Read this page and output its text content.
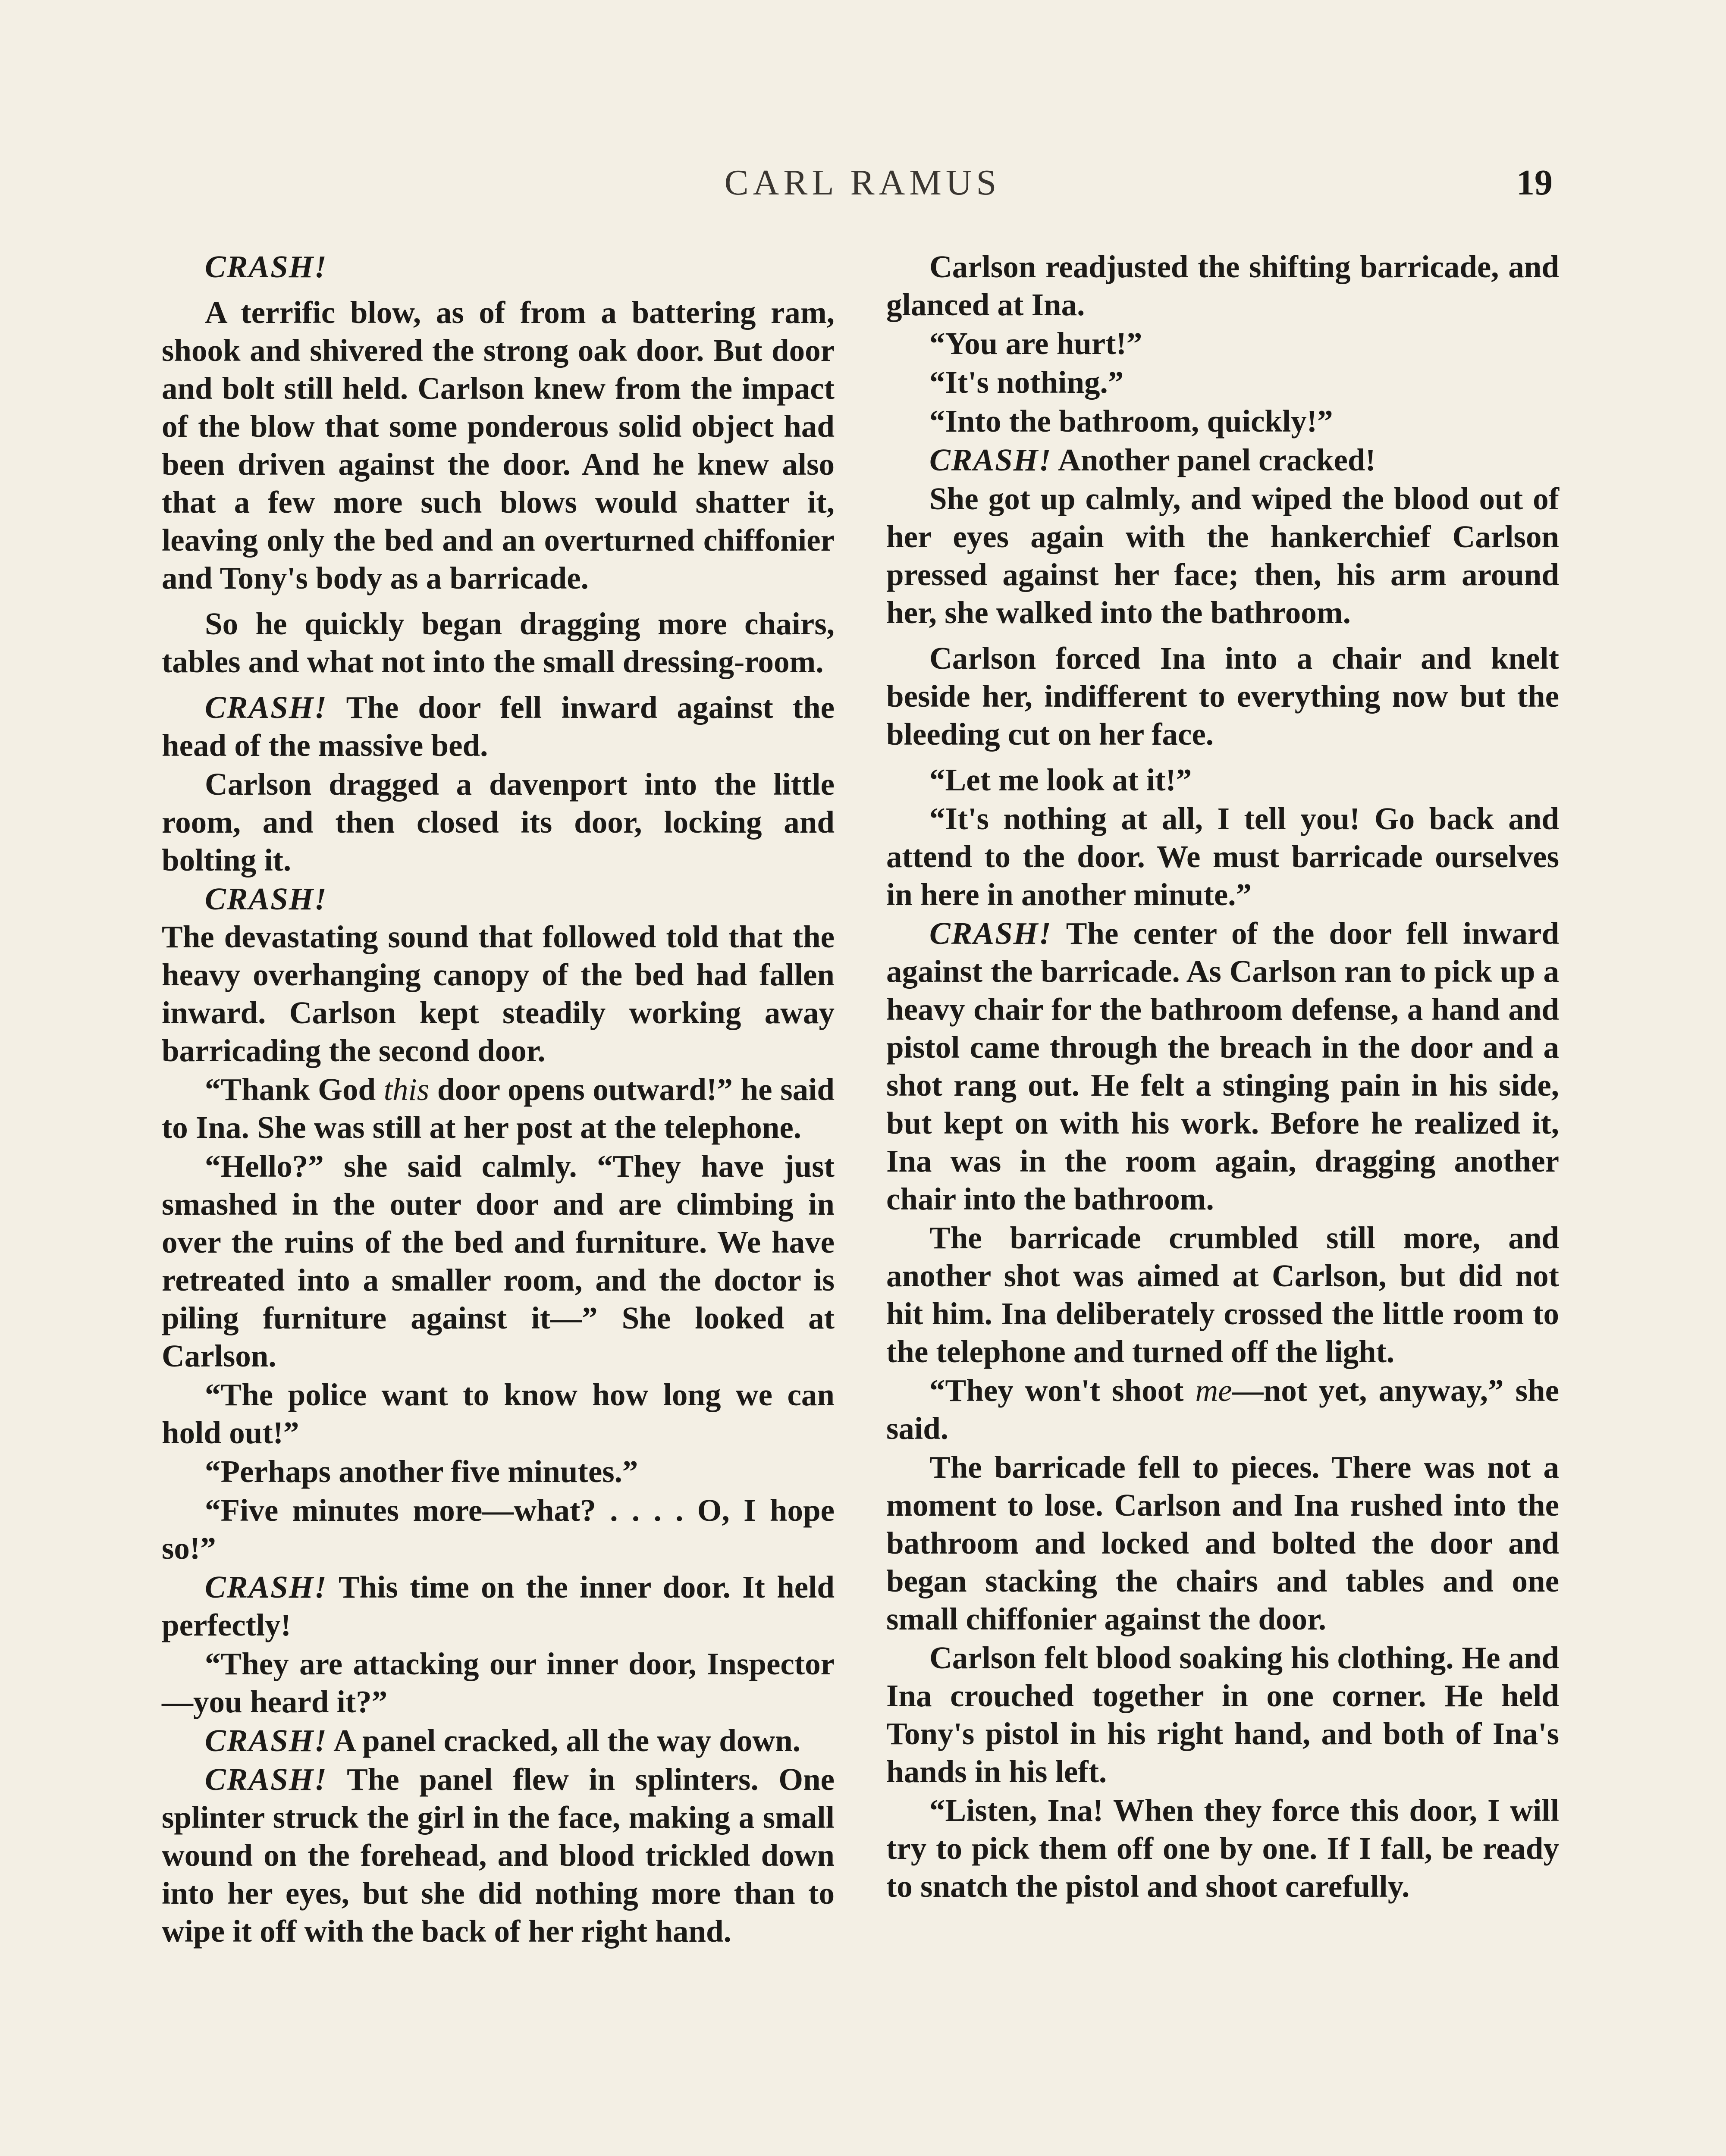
CARL RAMUS	19

CRASH!

A terrific blow, as of from a battering ram, shook and shivered the strong oak door. But door and bolt still held. Carlson knew from the impact of the blow that some ponderous solid object had been driven against the door. And he knew also that a few more such blows would shatter it, leaving only the bed and an overturned chiffonier and Tony's body as a barricade.

So he quickly began dragging more chairs, tables and what not into the small dressing-room.

CRASH! The door fell inward against the head of the massive bed.

Carlson dragged a davenport into the little room, and then closed its door, locking and bolting it.

CRASH!

The devastating sound that followed told that the heavy overhanging canopy of the bed had fallen inward. Carlson kept steadily working away barricading the second door.

“Thank God this door opens outward!” he said to Ina. She was still at her post at the telephone.

“Hello?” she said calmly. “They have just smashed in the outer door and are climbing in over the ruins of the bed and furniture. We have retreated into a smaller room, and the doctor is piling furniture against it—” She looked at Carlson.

“The police want to know how long we can hold out!”

“Perhaps another five minutes.”

“Five minutes more—what? . . . . O, I hope so!”

CRASH! This time on the inner door. It held perfectly!

“They are attacking our inner door, Inspector—you heard it?”

CRASH! A panel cracked, all the way down.

CRASH! The panel flew in splinters. One splinter struck the girl in the face, making a small wound on the forehead, and blood trickled down into her eyes, but she did nothing more than to wipe it off with the back of her right hand.

Carlson readjusted the shifting barricade, and glanced at Ina.

“You are hurt!”

“It's nothing.”

“Into the bathroom, quickly!”

CRASH! Another panel cracked!

She got up calmly, and wiped the blood out of her eyes again with the hankerchief Carlson pressed against her face; then, his arm around her, she walked into the bathroom.

Carlson forced Ina into a chair and knelt beside her, indifferent to everything now but the bleeding cut on her face.

“Let me look at it!”

“It's nothing at all, I tell you! Go back and attend to the door. We must barricade ourselves in here in another minute.”

CRASH! The center of the door fell inward against the barricade. As Carlson ran to pick up a heavy chair for the bathroom defense, a hand and pistol came through the breach in the door and a shot rang out. He felt a stinging pain in his side, but kept on with his work. Before he realized it, Ina was in the room again, dragging another chair into the bathroom.

The barricade crumbled still more, and another shot was aimed at Carlson, but did not hit him. Ina deliberately crossed the little room to the telephone and turned off the light.

“They won't shoot me—not yet, anyway,” she said.

The barricade fell to pieces. There was not a moment to lose. Carlson and Ina rushed into the bathroom and locked and bolted the door and began stacking the chairs and tables and one small chiffonier against the door.

Carlson felt blood soaking his clothing. He and Ina crouched together in one corner. He held Tony's pistol in his right hand, and both of Ina's hands in his left.

“Listen, Ina! When they force this door, I will try to pick them off one by one. If I fall, be ready to snatch the pistol and shoot carefully.
